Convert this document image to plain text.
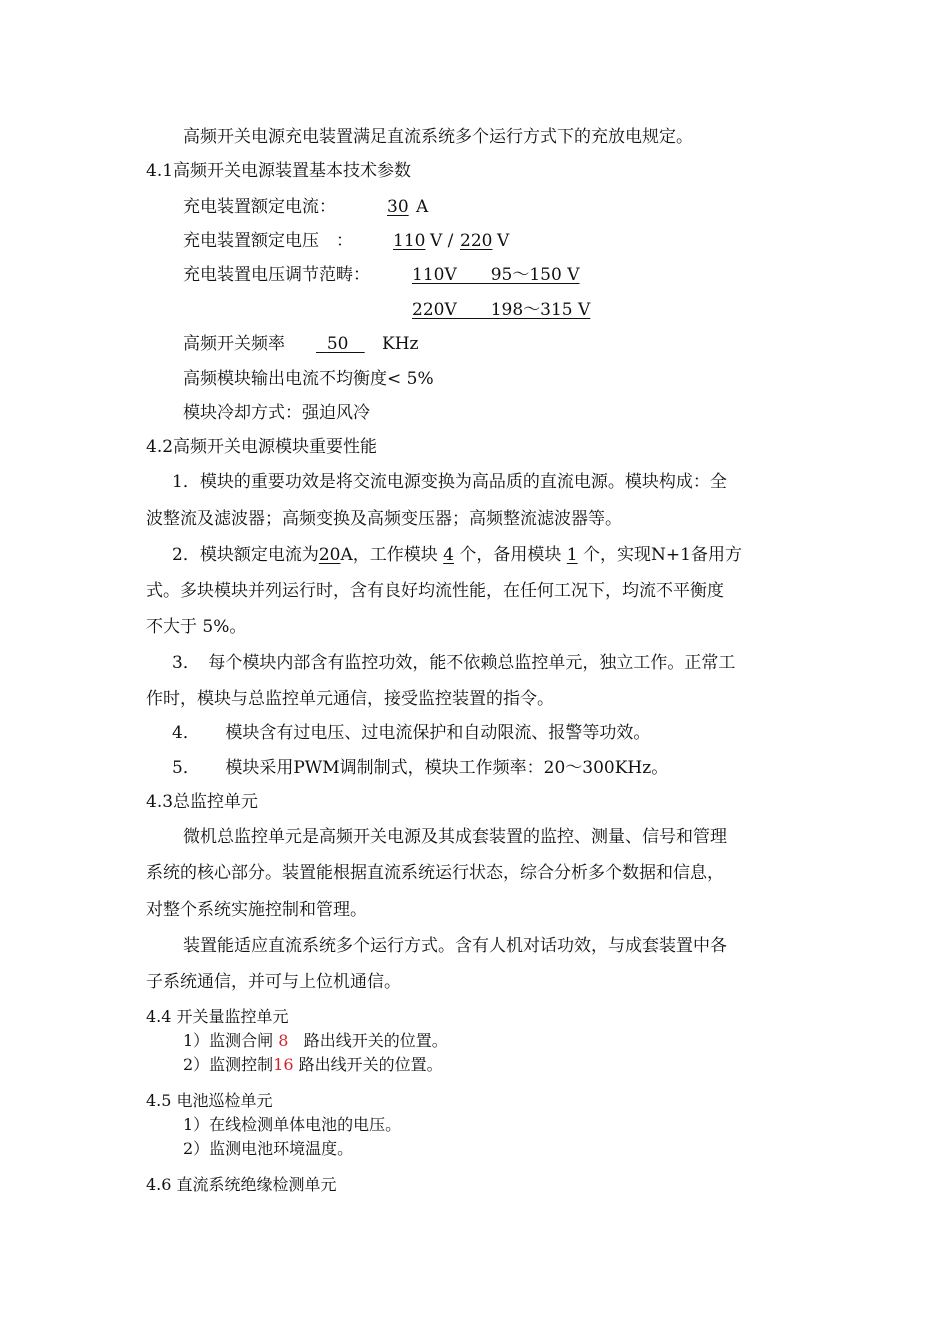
高频开关电源充电装置满足直流系统多个运行方式下的充放电规定。
4.1高频开关电源装置基本技术参数
充电装置额定电流：	30 A
充电装置额定电压　： 110 V / 220 V
充电装置电压调节范畴： 110V　　95～150 V
220V　　198～315 V
高频开关频率	50	KHz
高频模块输出电流不均衡度< 5%
模块冷却方式：强迫风冷
4.2高频开关电源模块重要性能
1．模块的重要功效是将交流电源变换为高品质的直流电源。模块构成：全
波整流及滤波器；高频变换及高频变压器；高频整流滤波器等。
2．模块额定电流为20A，工作模块 4 个，备用模块 1 个，实现N+1备用方
式。多块模块并列运行时，含有良好均流性能，在任何工况下，均流不平衡度
不大于 5%。
3．　每个模块内部含有监控功效，能不依赖总监控单元，独立工作。正常工
作时，模块与总监控单元通信，接受监控装置的指令。
4．　　模块含有过电压、过电流保护和自动限流、报警等功效。
5．　　模块采用PWM调制制式，模块工作频率：20～300KHz。
4.3总监控单元
微机总监控单元是高频开关电源及其成套装置的监控、测量、信号和管理
系统的核心部分。装置能根据直流系统运行状态，综合分析多个数据和信息，
对整个系统实施控制和管理。
装置能适应直流系统多个运行方式。含有人机对话功效，与成套装置中各
子系统通信，并可与上位机通信。
4.4 开关量监控单元
1）监测合闸 8 路出线开关的位置。
2）监测控制16 路出线开关的位置。
4.5 电池巡检单元
1）在线检测单体电池的电压。
2）监测电池环境温度。
4.6 直流系统绝缘检测单元
